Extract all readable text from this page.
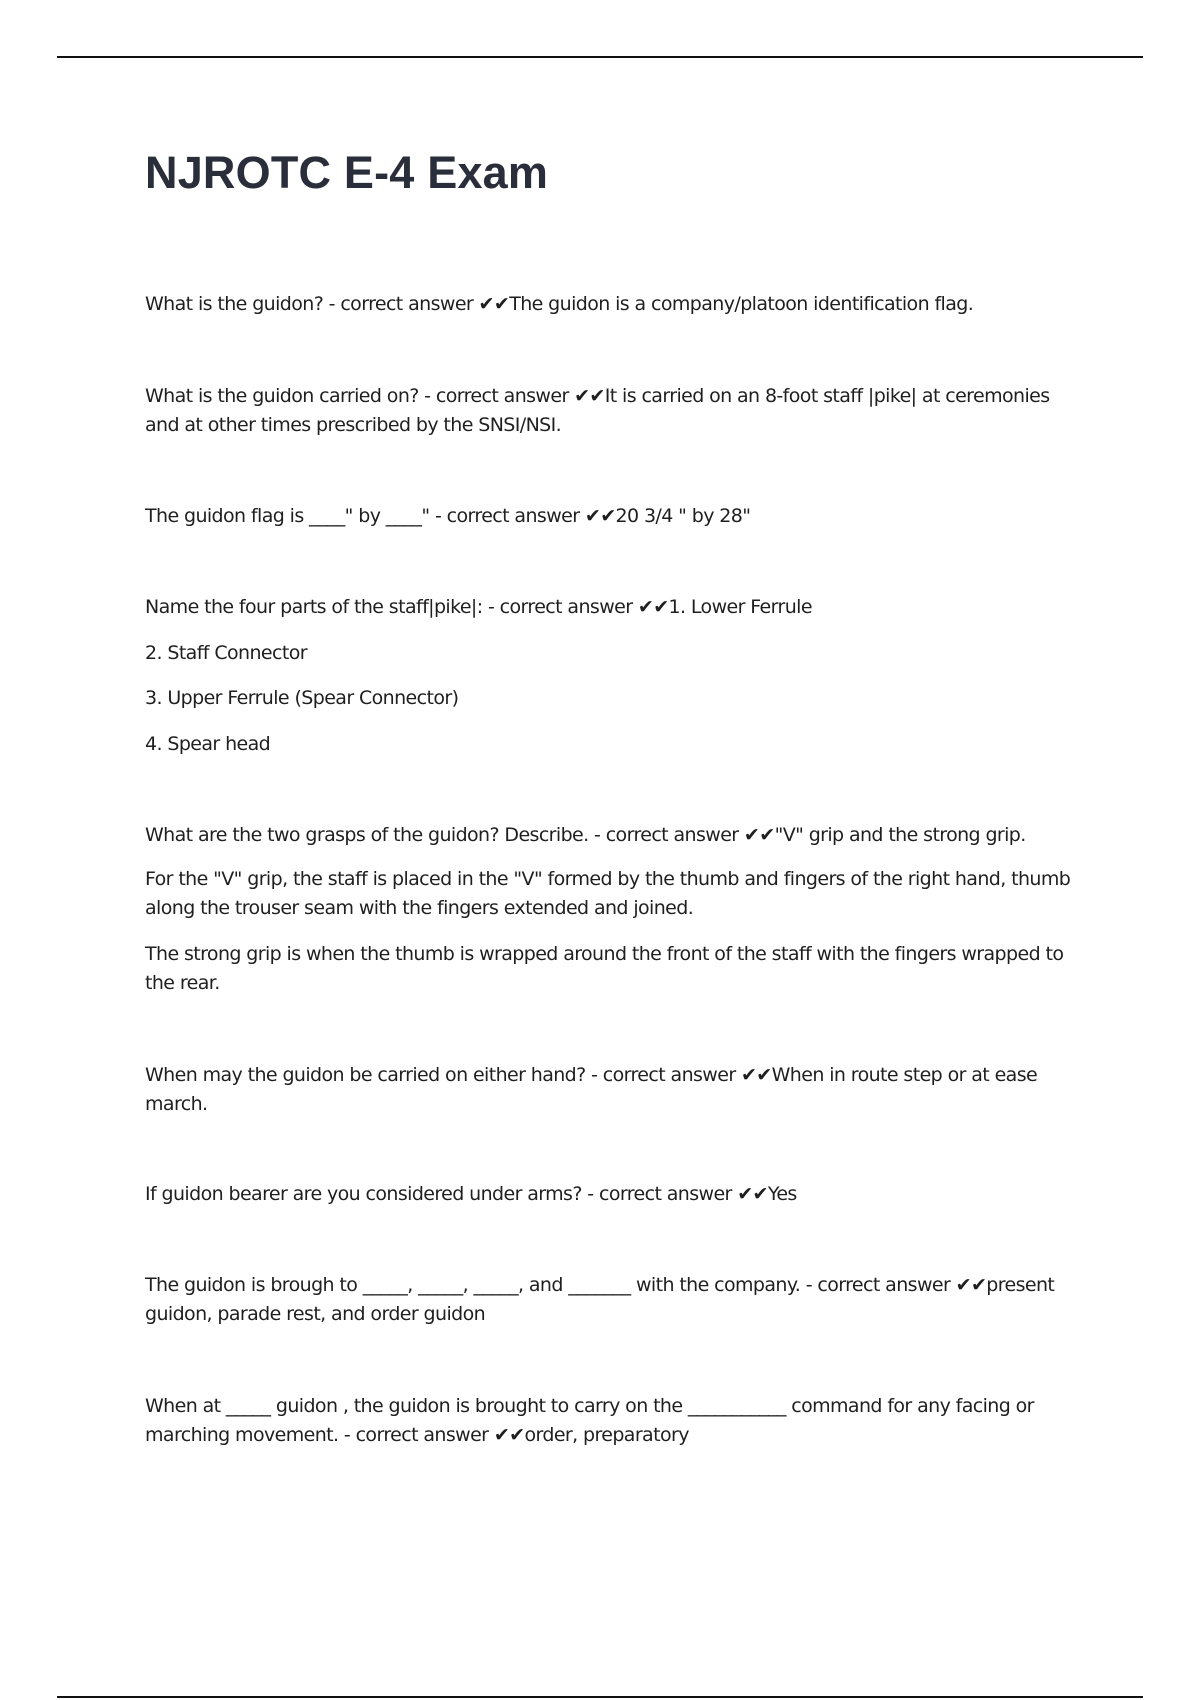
NJROTC E-4 Exam

What is the guidon? - correct answer ✔✔The guidon is a company/platoon identification flag.

What is the guidon carried on? - correct answer ✔✔It is carried on an 8-foot staff |pike| at ceremonies and at other times prescribed by the SNSI/NSI.

The guidon flag is ____" by ____" - correct answer ✔✔20 3/4 " by 28"

Name the four parts of the staff|pike|: - correct answer ✔✔1. Lower Ferrule

2. Staff Connector

3. Upper Ferrule (Spear Connector)

4. Spear head

What are the two grasps of the guidon? Describe. - correct answer ✔✔"V" grip and the strong grip.

For the "V" grip, the staff is placed in the "V" formed by the thumb and fingers of the right hand, thumb along the trouser seam with the fingers extended and joined.

The strong grip is when the thumb is wrapped around the front of the staff with the fingers wrapped to the rear.

When may the guidon be carried on either hand? - correct answer ✔✔When in route step or at ease march.

If guidon bearer are you considered under arms? - correct answer ✔✔Yes

The guidon is brough to _____, _____, _____, and _______ with the company. - correct answer ✔✔present guidon, parade rest, and order guidon

When at _____ guidon , the guidon is brought to carry on the ___________ command for any facing or marching movement. - correct answer ✔✔order, preparatory
